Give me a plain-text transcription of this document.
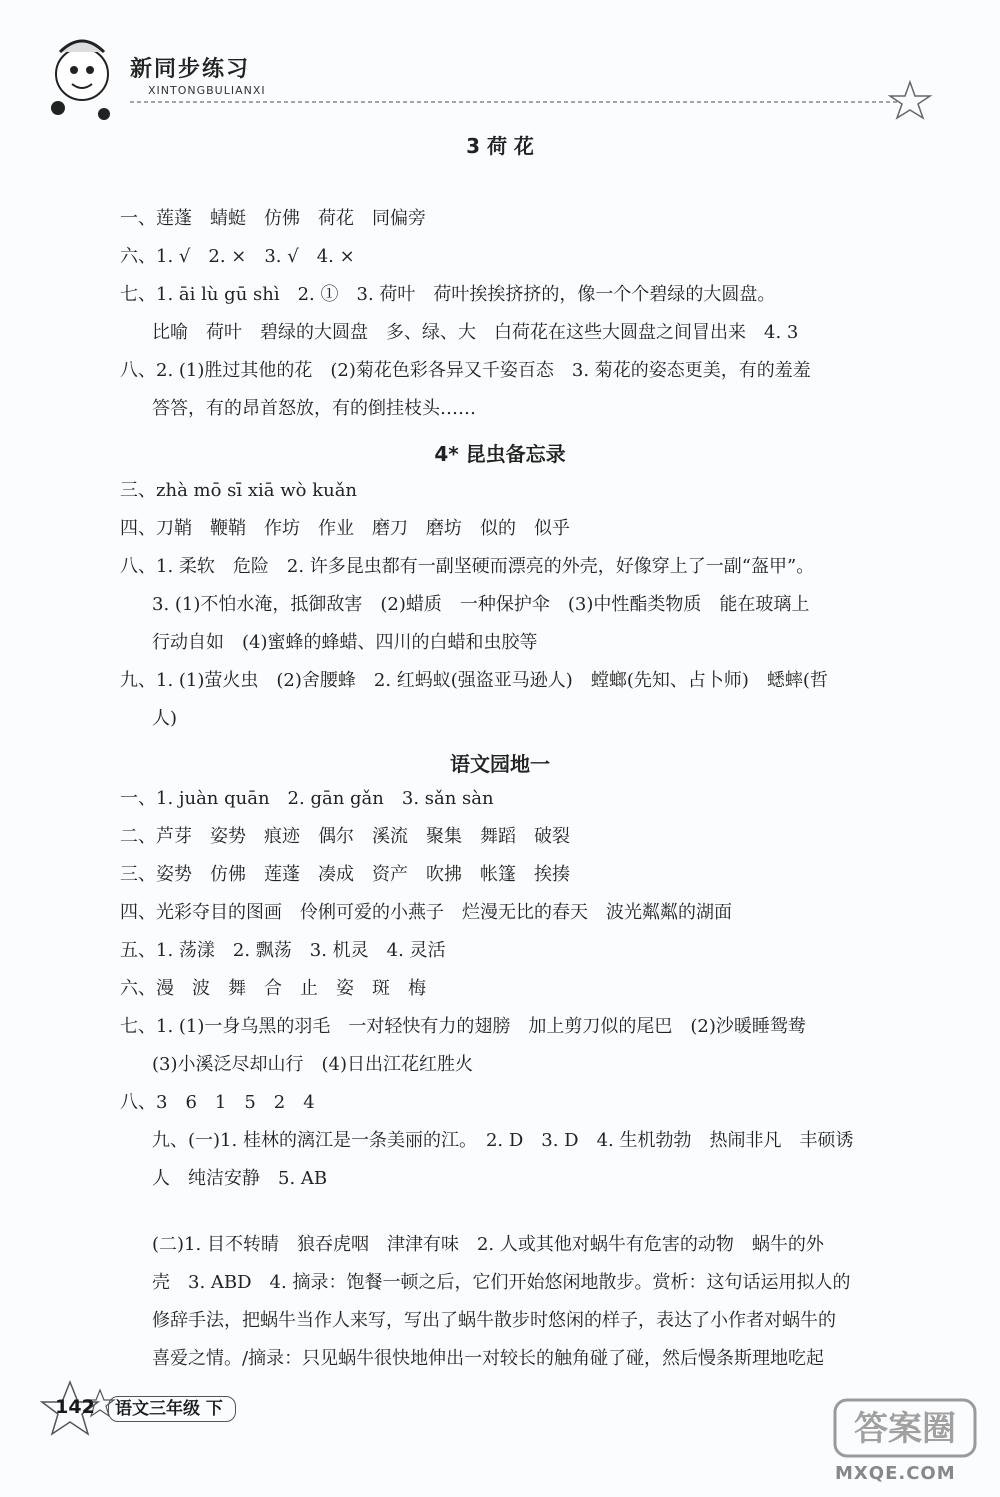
新同步练习
XINTONGBULIANXI
3 荷 花
一、莲蓬　蜻蜓　仿佛　荷花　同偏旁
六、1. √　2. ×　3. √　4. ×
七、1. āi lù gū shì　2. ①　3. 荷叶　荷叶挨挨挤挤的，像一个个碧绿的大圆盘。
比喻　荷叶　碧绿的大圆盘　多、绿、大　白荷花在这些大圆盘之间冒出来　4. 3
八、2. (1)胜过其他的花　(2)菊花色彩各异又千姿百态　3. 菊花的姿态更美，有的羞羞
答答，有的昂首怒放，有的倒挂枝头……
4* 昆虫备忘录
三、zhà mō sī xiā wò kuǎn
四、刀鞘　鞭鞘　作坊　作业　磨刀　磨坊　似的　似乎
八、1. 柔软　危险　2. 许多昆虫都有一副坚硬而漂亮的外壳，好像穿上了一副“盔甲”。
3. (1)不怕水淹，抵御敌害　(2)蜡质　一种保护伞　(3)中性酯类物质　能在玻璃上
行动自如　(4)蜜蜂的蜂蜡、四川的白蜡和虫胶等
九、1. (1)萤火虫　(2)舍腰蜂　2. 红蚂蚁(强盗亚马逊人)　螳螂(先知、占卜师)　蟋蟀(哲
人)
语文园地一
一、1. juàn quān　2. gān gǎn　3. sǎn sàn
二、芦芽　姿势　痕迹　偶尔　溪流　聚集　舞蹈　破裂
三、姿势　仿佛　莲蓬　凑成　资产　吹拂　帐篷　挨揍
四、光彩夺目的图画　伶俐可爱的小燕子　烂漫无比的春天　波光粼粼的湖面
五、1. 荡漾　2. 飘荡　3. 机灵　4. 灵活
六、漫　波　舞　合　止　姿　斑　梅
七、1. (1)一身乌黑的羽毛　一对轻快有力的翅膀　加上剪刀似的尾巴　(2)沙暖睡鸳鸯
(3)小溪泛尽却山行　(4)日出江花红胜火
八、3　6　1　5　2　4
九、(一)1. 桂林的漓江是一条美丽的江。　2. D　3. D　4. 生机勃勃　热闹非凡　丰硕诱
人　纯洁安静　5. AB
(二)1. 目不转睛　狼吞虎咽　津津有味　2. 人或其他对蜗牛有危害的动物　蜗牛的外
壳　3. ABD　4. 摘录：饱餐一顿之后，它们开始悠闲地散步。赏析：这句话运用拟人的
修辞手法，把蜗牛当作人来写，写出了蜗牛散步时悠闲的样子，表达了小作者对蜗牛的
喜爱之情。/摘录：只见蜗牛很快地伸出一对较长的触角碰了碰，然后慢条斯理地吃起
142	语文三年级 下	答案圈
MXQE.COM
